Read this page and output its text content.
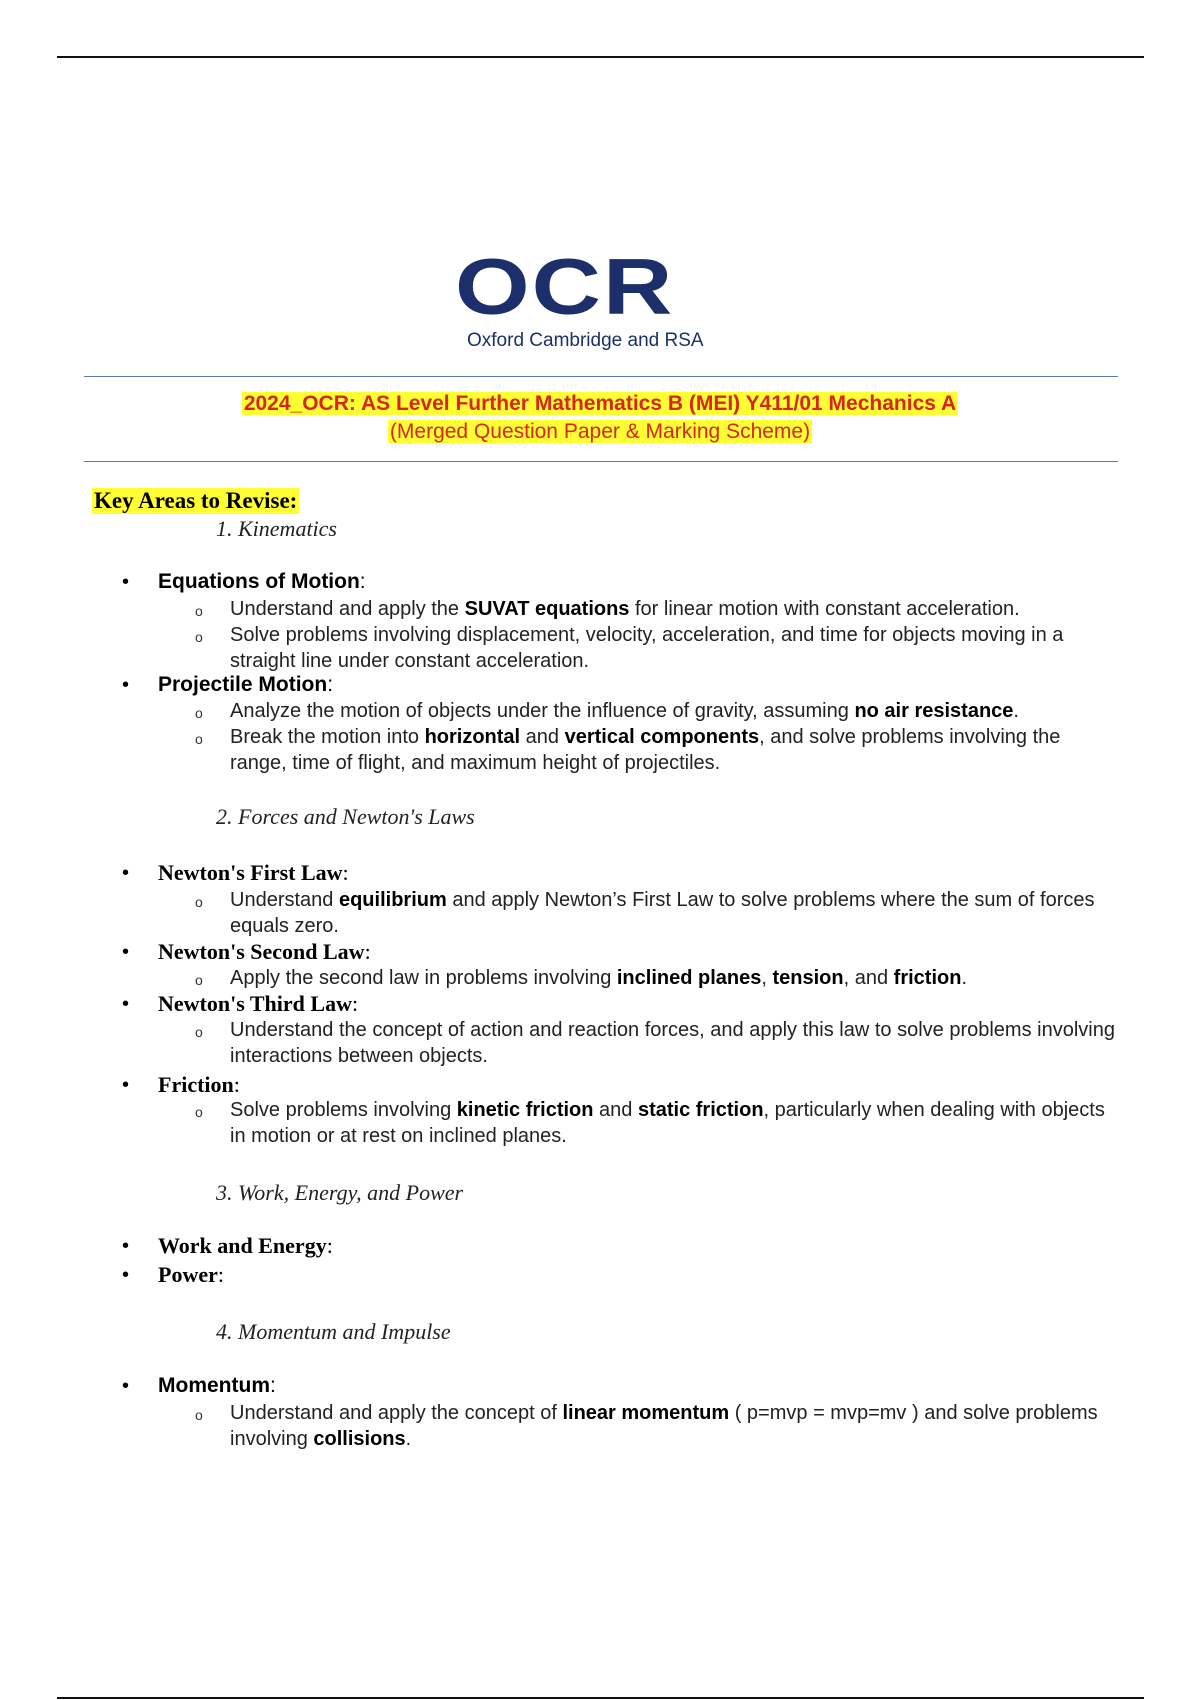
OCR
Oxford Cambridge and RSA
2024_OCR: AS Level Further Mathematics B (MEI) Y411/01 Mechanics A
(Merged Question Paper & Marking Scheme)
Key Areas to Revise:
1. Kinematics
• Equations of Motion:
o Understand and apply the SUVAT equations for linear motion with constant acceleration.
o Solve problems involving displacement, velocity, acceleration, and time for objects moving in a straight line under constant acceleration.
• Projectile Motion:
o Analyze the motion of objects under the influence of gravity, assuming no air resistance.
o Break the motion into horizontal and vertical components, and solve problems involving the range, time of flight, and maximum height of projectiles.
2. Forces and Newton's Laws
• Newton's First Law:
o Understand equilibrium and apply Newton’s First Law to solve problems where the sum of forces equals zero.
• Newton's Second Law:
o Apply the second law in problems involving inclined planes, tension, and friction.
• Newton's Third Law:
o Understand the concept of action and reaction forces, and apply this law to solve problems involving interactions between objects.
• Friction:
o Solve problems involving kinetic friction and static friction, particularly when dealing with objects in motion or at rest on inclined planes.
3. Work, Energy, and Power
• Work and Energy:
• Power:
4. Momentum and Impulse
• Momentum:
o Understand and apply the concept of linear momentum ( p=mvp = mvp=mv ) and solve problems involving collisions.
